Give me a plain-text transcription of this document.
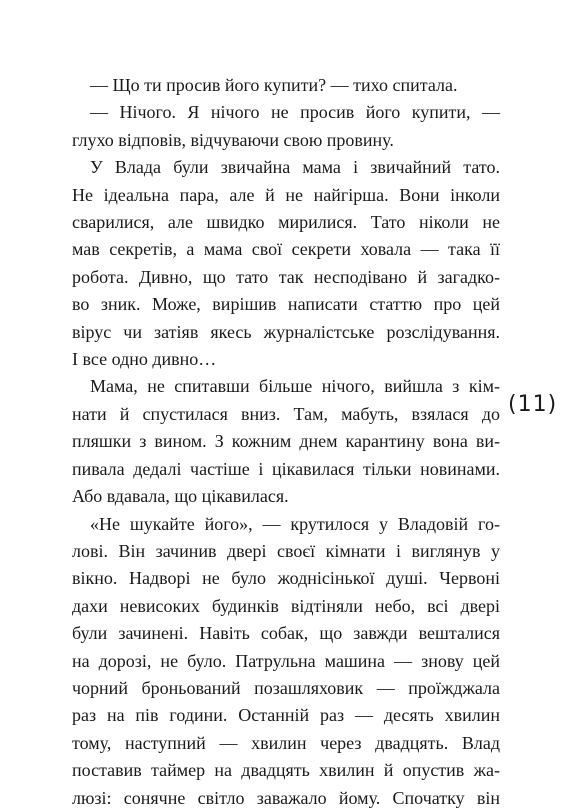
— Що ти просив його купити? — тихо спитала.

— Нічого. Я нічого не просив його купити, —
глухо відповів, відчуваючи свою провину.

У Влада були звичайна мама і звичайний тато.
Не ідеальна пара, але й не найгірша. Вони інколи
сварилися, але швидко мирилися. Тато ніколи не
мав секретів, а мама свої секрети ховала — така її
робота. Дивно, що тато так несподівано й загадко-
во зник. Може, вирішив написати статтю про цей
вірус чи затіяв якесь журналістське розслідування.
І все одно дивно…

Мама, не спитавши більше нічого, вийшла з кім-
нати й спустилася вниз. Там, мабуть, взялася до
пляшки з вином. З кожним днем карантину вона ви-
пивала дедалі частіше і цікавилася тільки новинами.
Або вдавала, що цікавилася.

«Не шукайте його», — крутилося у Владовій го-
лові. Він зачинив двері своєї кімнати і виглянув у
вікно. Надворі не було жоднісінької душі. Червоні
дахи невисоких будинків відтіняли небо, всі двері
були зачинені. Навіть собак, що завжди вешталися
на дорозі, не було. Патрульна машина — знову цей
чорний броньований позашляховик — проїжджала
раз на пів години. Останній раз — десять хвилин
тому, наступний — хвилин через двадцять. Влад
поставив таймер на двадцять хвилин й опустив жа-
люзі: сонячне світло заважало йому. Спочатку він

(11)
